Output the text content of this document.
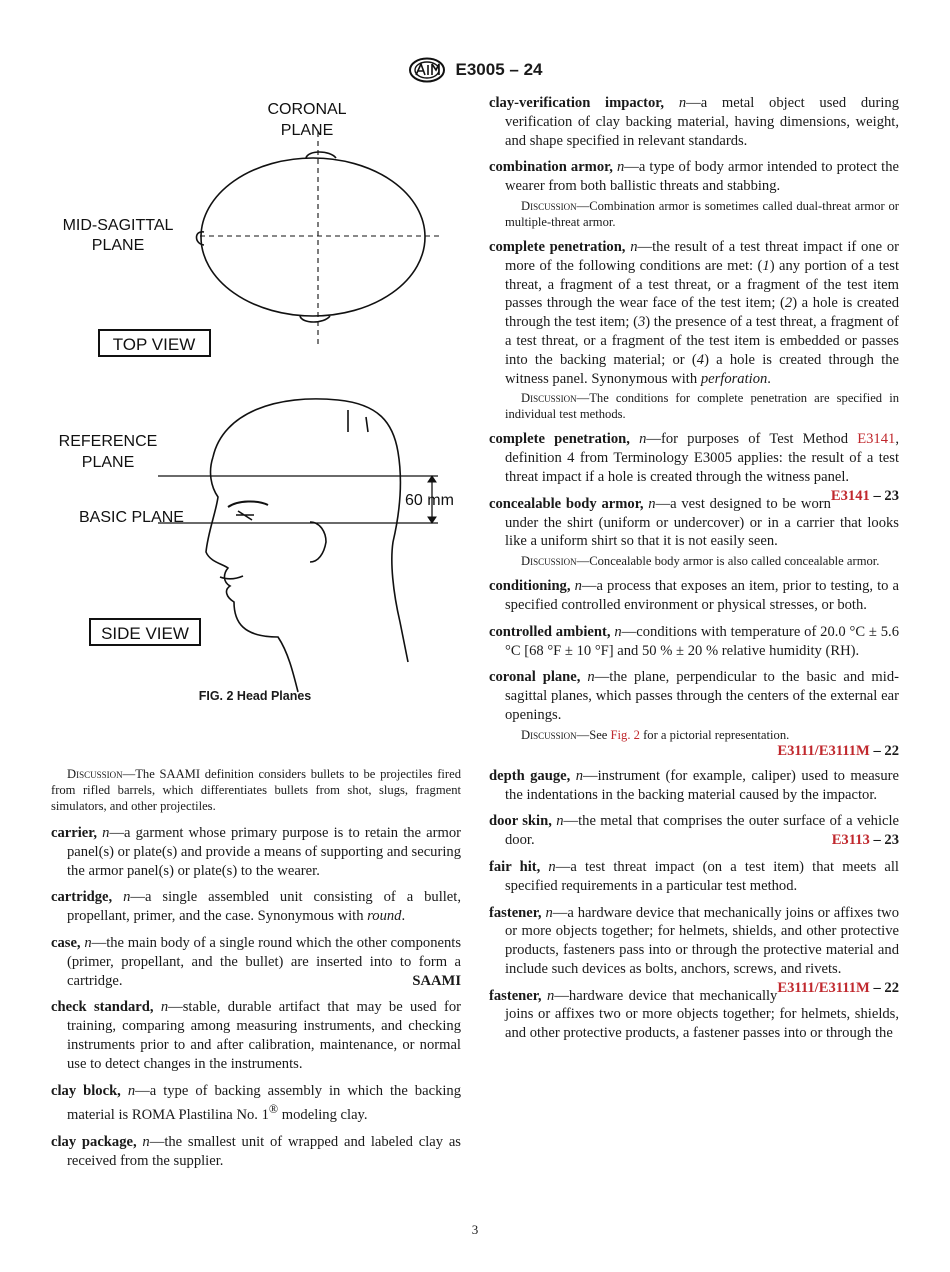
E3005 – 24
CORONAL
PLANE
MID-SAGITTAL
PLANE
TOP VIEW
REFERENCE
PLANE
BASIC PLANE
60 mm
SIDE VIEW
FIG. 2 Head Planes

Discussion—The SAAMI definition considers bullets to be projectiles fired from rifled barrels, which differentiates bullets from shot, slugs, fragment simulators, and other projectiles.

carrier, n—a garment whose primary purpose is to retain the armor panel(s) or plate(s) and provide a means of supporting and securing the armor panel(s) or plate(s) to the wearer.

cartridge, n—a single assembled unit consisting of a bullet, propellant, primer, and the case. Synonymous with round.

case, n—the main body of a single round which the other components (primer, propellant, and the bullet) are inserted into to form a cartridge.	SAAMI

check standard, n—stable, durable artifact that may be used for training, comparing among measuring instruments, and checking instruments prior to and after calibration, maintenance, or normal use to detect changes in the instruments.

clay block, n—a type of backing assembly in which the backing material is ROMA Plastilina No. 1® modeling clay.

clay package, n—the smallest unit of wrapped and labeled clay as received from the supplier.

clay-verification impactor, n—a metal object used during verification of clay backing material, having dimensions, weight, and shape specified in relevant standards.

combination armor, n—a type of body armor intended to protect the wearer from both ballistic threats and stabbing.

Discussion—Combination armor is sometimes called dual-threat armor or multiple-threat armor.

complete penetration, n—the result of a test threat impact if one or more of the following conditions are met: (1) any portion of a test threat, a fragment of a test threat, or a fragment of the test item passes through the wear face of the test item; (2) a hole is created through the test item; (3) the presence of a test threat, a fragment of a test threat, or a fragment of the test item is embedded or passes into the backing material; or (4) a hole is created through the witness panel. Synonymous with perforation.

Discussion—The conditions for complete penetration are specified in individual test methods.

complete penetration, n—for purposes of Test Method E3141, definition 4 from Terminology E3005 applies: the result of a test threat impact if a hole is created through the witness panel.
E3141 – 23

concealable body armor, n—a vest designed to be worn under the shirt (uniform or undercover) or in a carrier that looks like a uniform shirt so that it is not easily seen.

Discussion—Concealable body armor is also called concealable armor.

conditioning, n—a process that exposes an item, prior to testing, to a specified controlled environment or physical stresses, or both.

controlled ambient, n—conditions with temperature of 20.0 °C ± 5.6 °C [68 °F ± 10 °F] and 50 % ± 20 % relative humidity (RH).

coronal plane, n—the plane, perpendicular to the basic and mid-sagittal planes, which passes through the centers of the external ear openings.

Discussion—See Fig. 2 for a pictorial representation.
E3111/E3111M – 22

depth gauge, n—instrument (for example, caliper) used to measure the indentations in the backing material caused by the impactor.

door skin, n—the metal that comprises the outer surface of a vehicle door.	E3113 – 23

fair hit, n—a test threat impact (on a test item) that meets all specified requirements in a particular test method.

fastener, n—a hardware device that mechanically joins or affixes two or more objects together; for helmets, shields, and other protective products, fasteners pass into or through the protective material and include such devices as bolts, anchors, screws, and rivets.
E3111/E3111M – 22

fastener, n—hardware device that mechanically joins or affixes two or more objects together; for helmets, shields, and other protective products, a fastener passes into or through the

3
